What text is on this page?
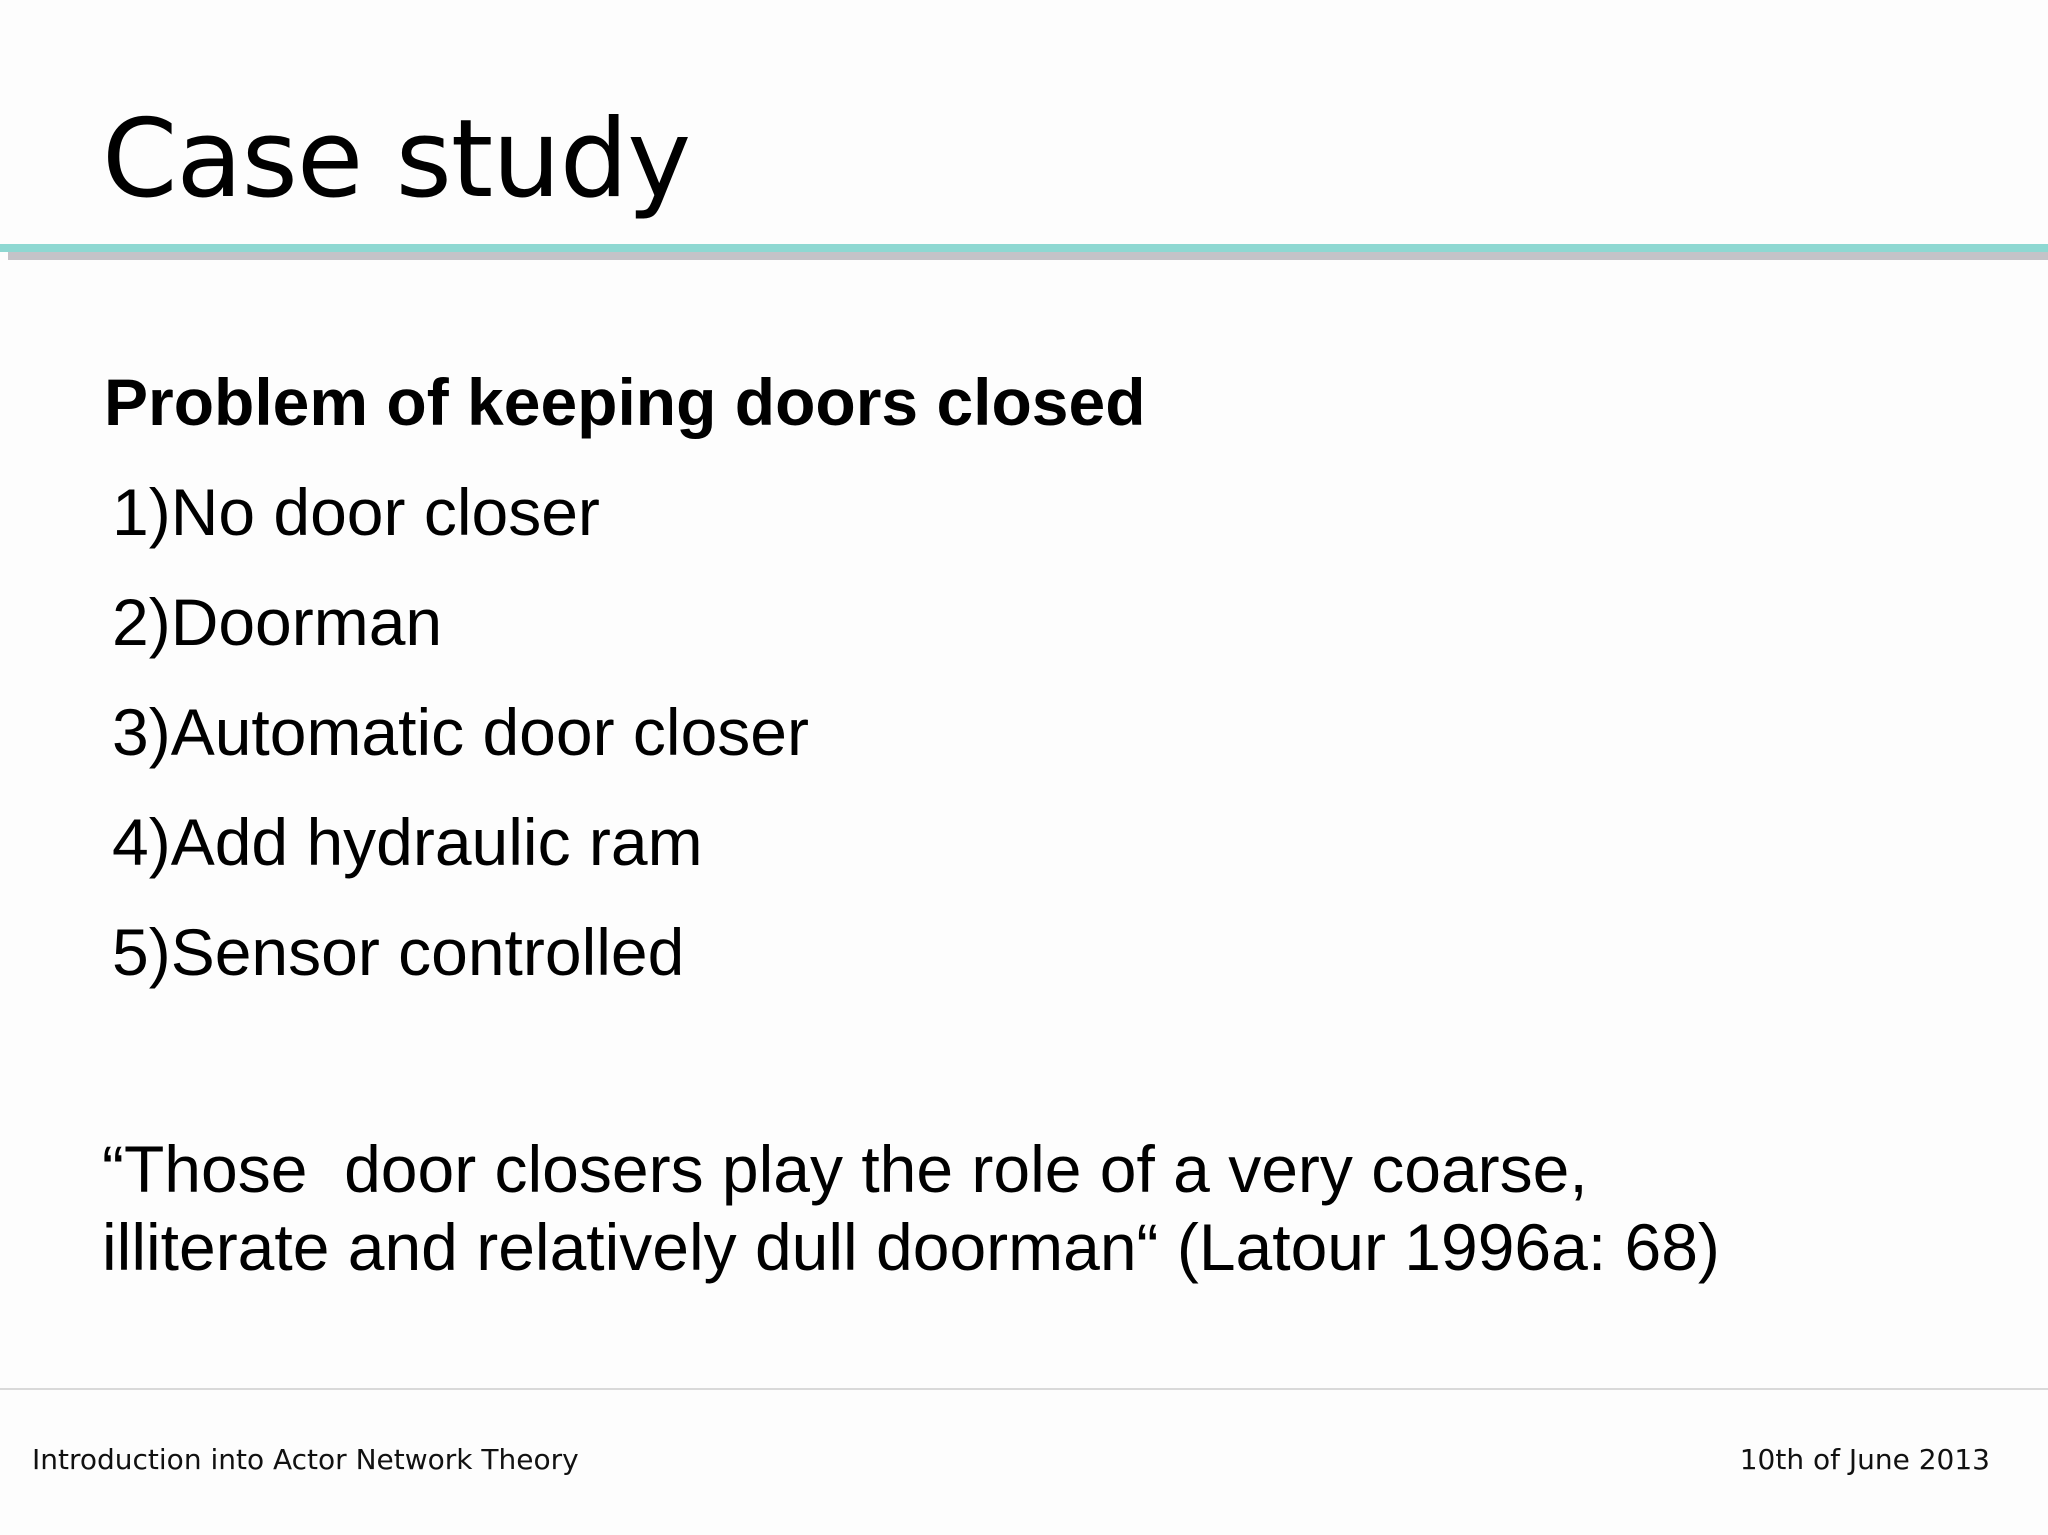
Case study

Problem of keeping doors closed

1)No door closer
2)Doorman
3)Automatic door closer
4)Add hydraulic ram
5)Sensor controlled

“Those  door closers play the role of a very coarse,
illiterate and relatively dull doorman“ (Latour 1996a: 68)

Introduction into Actor Network Theory	10th of June 2013
